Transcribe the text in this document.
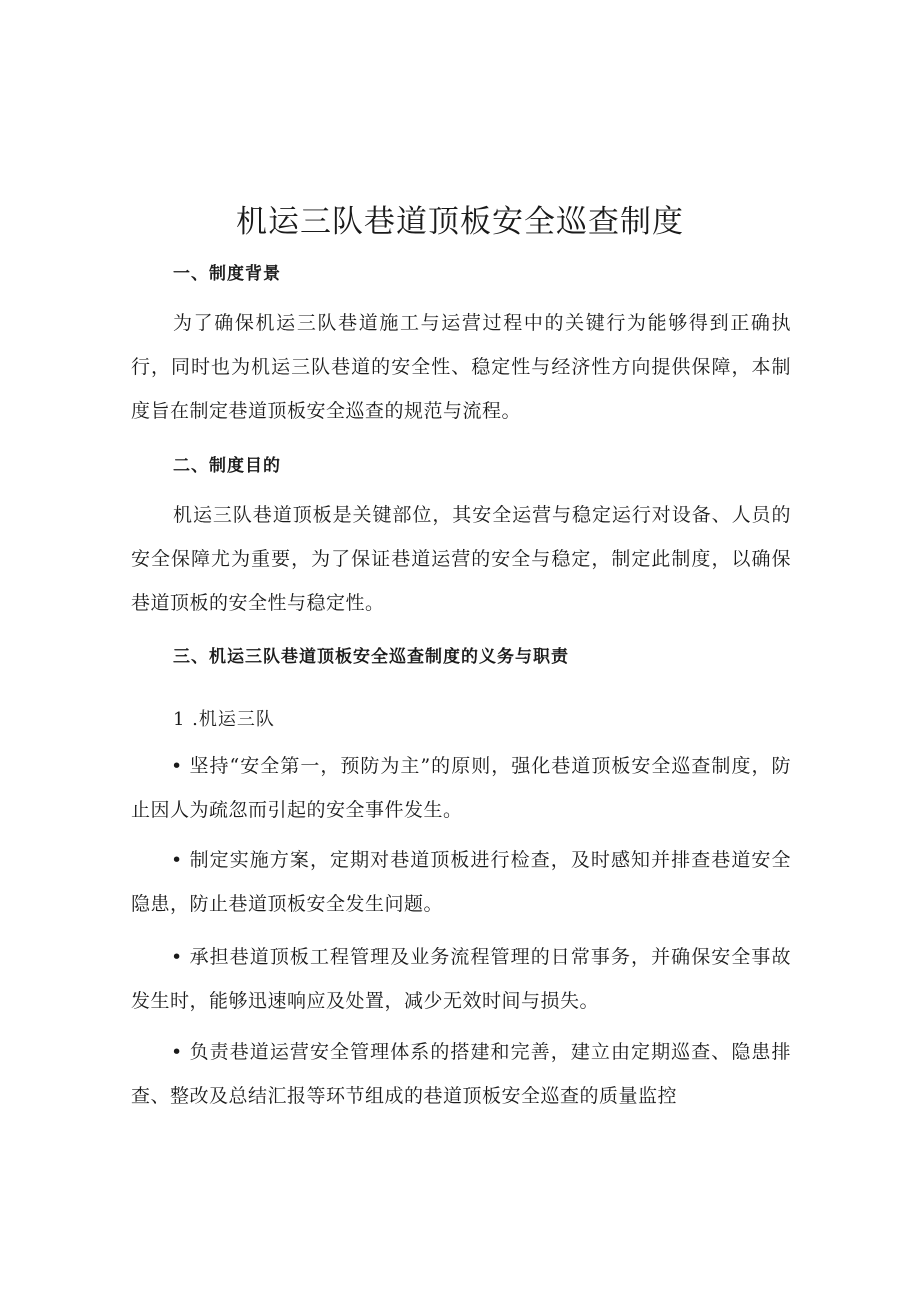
机运三队巷道顶板安全巡查制度
一、制度背景

为了确保机运三队巷道施工与运营过程中的关键行为能够得到正确执行，同时也为机运三队巷道的安全性、稳定性与经济性方向提供保障，本制度旨在制定巷道顶板安全巡查的规范与流程。

二、制度目的

机运三队巷道顶板是关键部位，其安全运营与稳定运行对设备、人员的安全保障尤为重要，为了保证巷道运营的安全与稳定，制定此制度，以确保巷道顶板的安全性与稳定性。

三、机运三队巷道顶板安全巡查制度的义务与职责
1 .机运三队

• 坚持“安全第一，预防为主”的原则，强化巷道顶板安全巡查制度，防止因人为疏忽而引起的安全事件发生。

• 制定实施方案，定期对巷道顶板进行检查，及时感知并排查巷道安全隐患，防止巷道顶板安全发生问题。

• 承担巷道顶板工程管理及业务流程管理的日常事务，并确保安全事故发生时，能够迅速响应及处置，减少无效时间与损失。

• 负责巷道运营安全管理体系的搭建和完善，建立由定期巡查、隐患排查、整改及总结汇报等环节组成的巷道顶板安全巡查的质量监控
